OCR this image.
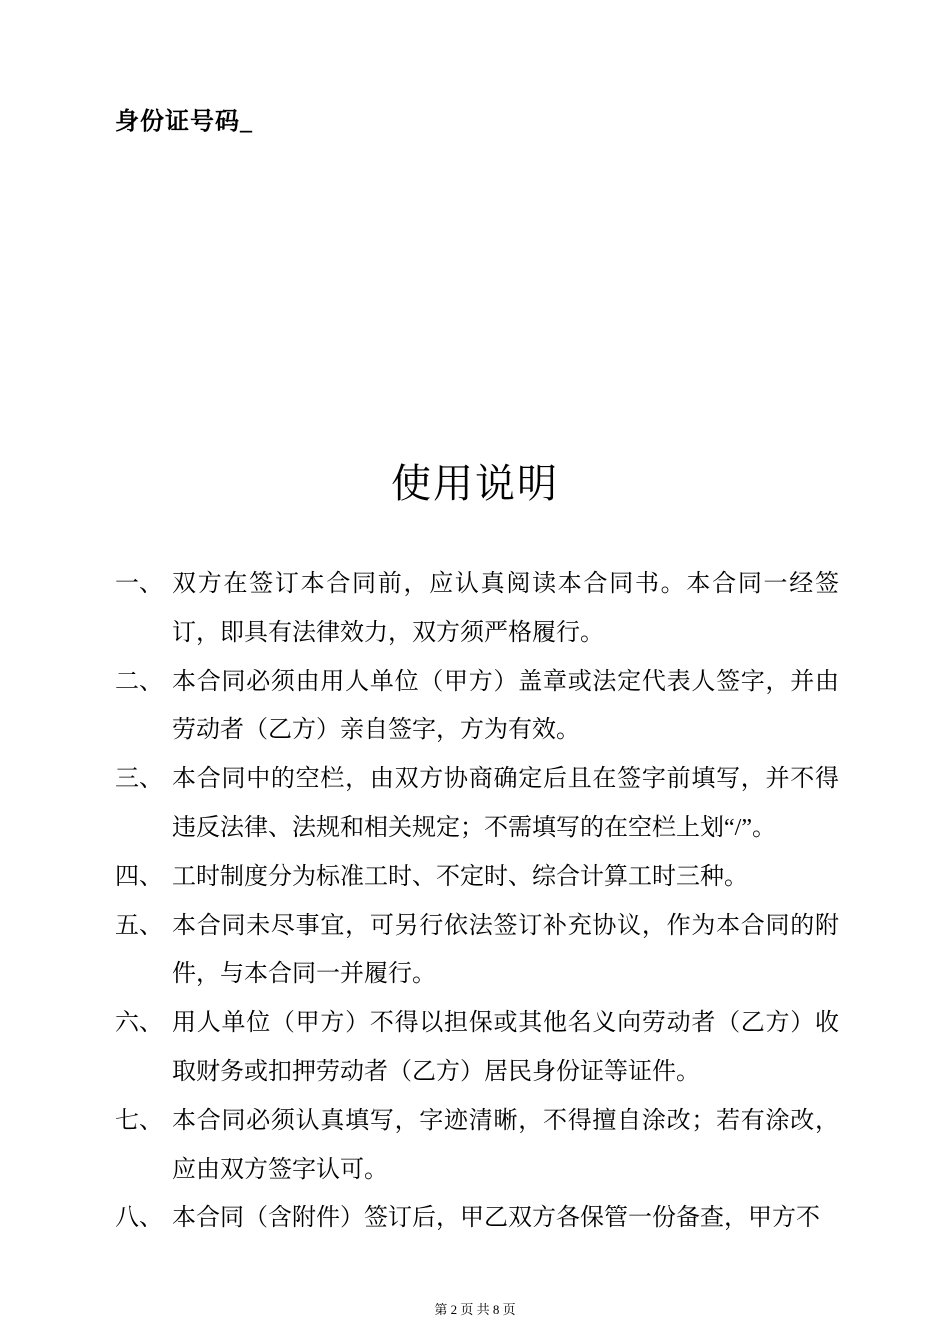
身份证号码_
使用说明
一、 双方在签订本合同前，应认真阅读本合同书。本合同一经签订，即具有法律效力，双方须严格履行。
二、 本合同必须由用人单位（甲方）盖章或法定代表人签字，并由劳动者（乙方）亲自签字，方为有效。
三、 本合同中的空栏，由双方协商确定后且在签字前填写，并不得违反法律、法规和相关规定；不需填写的在空栏上划“/”。
四、 工时制度分为标准工时、不定时、综合计算工时三种。
五、 本合同未尽事宜，可另行依法签订补充协议，作为本合同的附件，与本合同一并履行。
六、 用人单位（甲方）不得以担保或其他名义向劳动者（乙方）收取财务或扣押劳动者（乙方）居民身份证等证件。
七、 本合同必须认真填写，字迹清晰，不得擅自涂改；若有涂改，应由双方签字认可。
八、 本合同（含附件）签订后，甲乙双方各保管一份备查，甲方不
第 2 页 共 8 页
